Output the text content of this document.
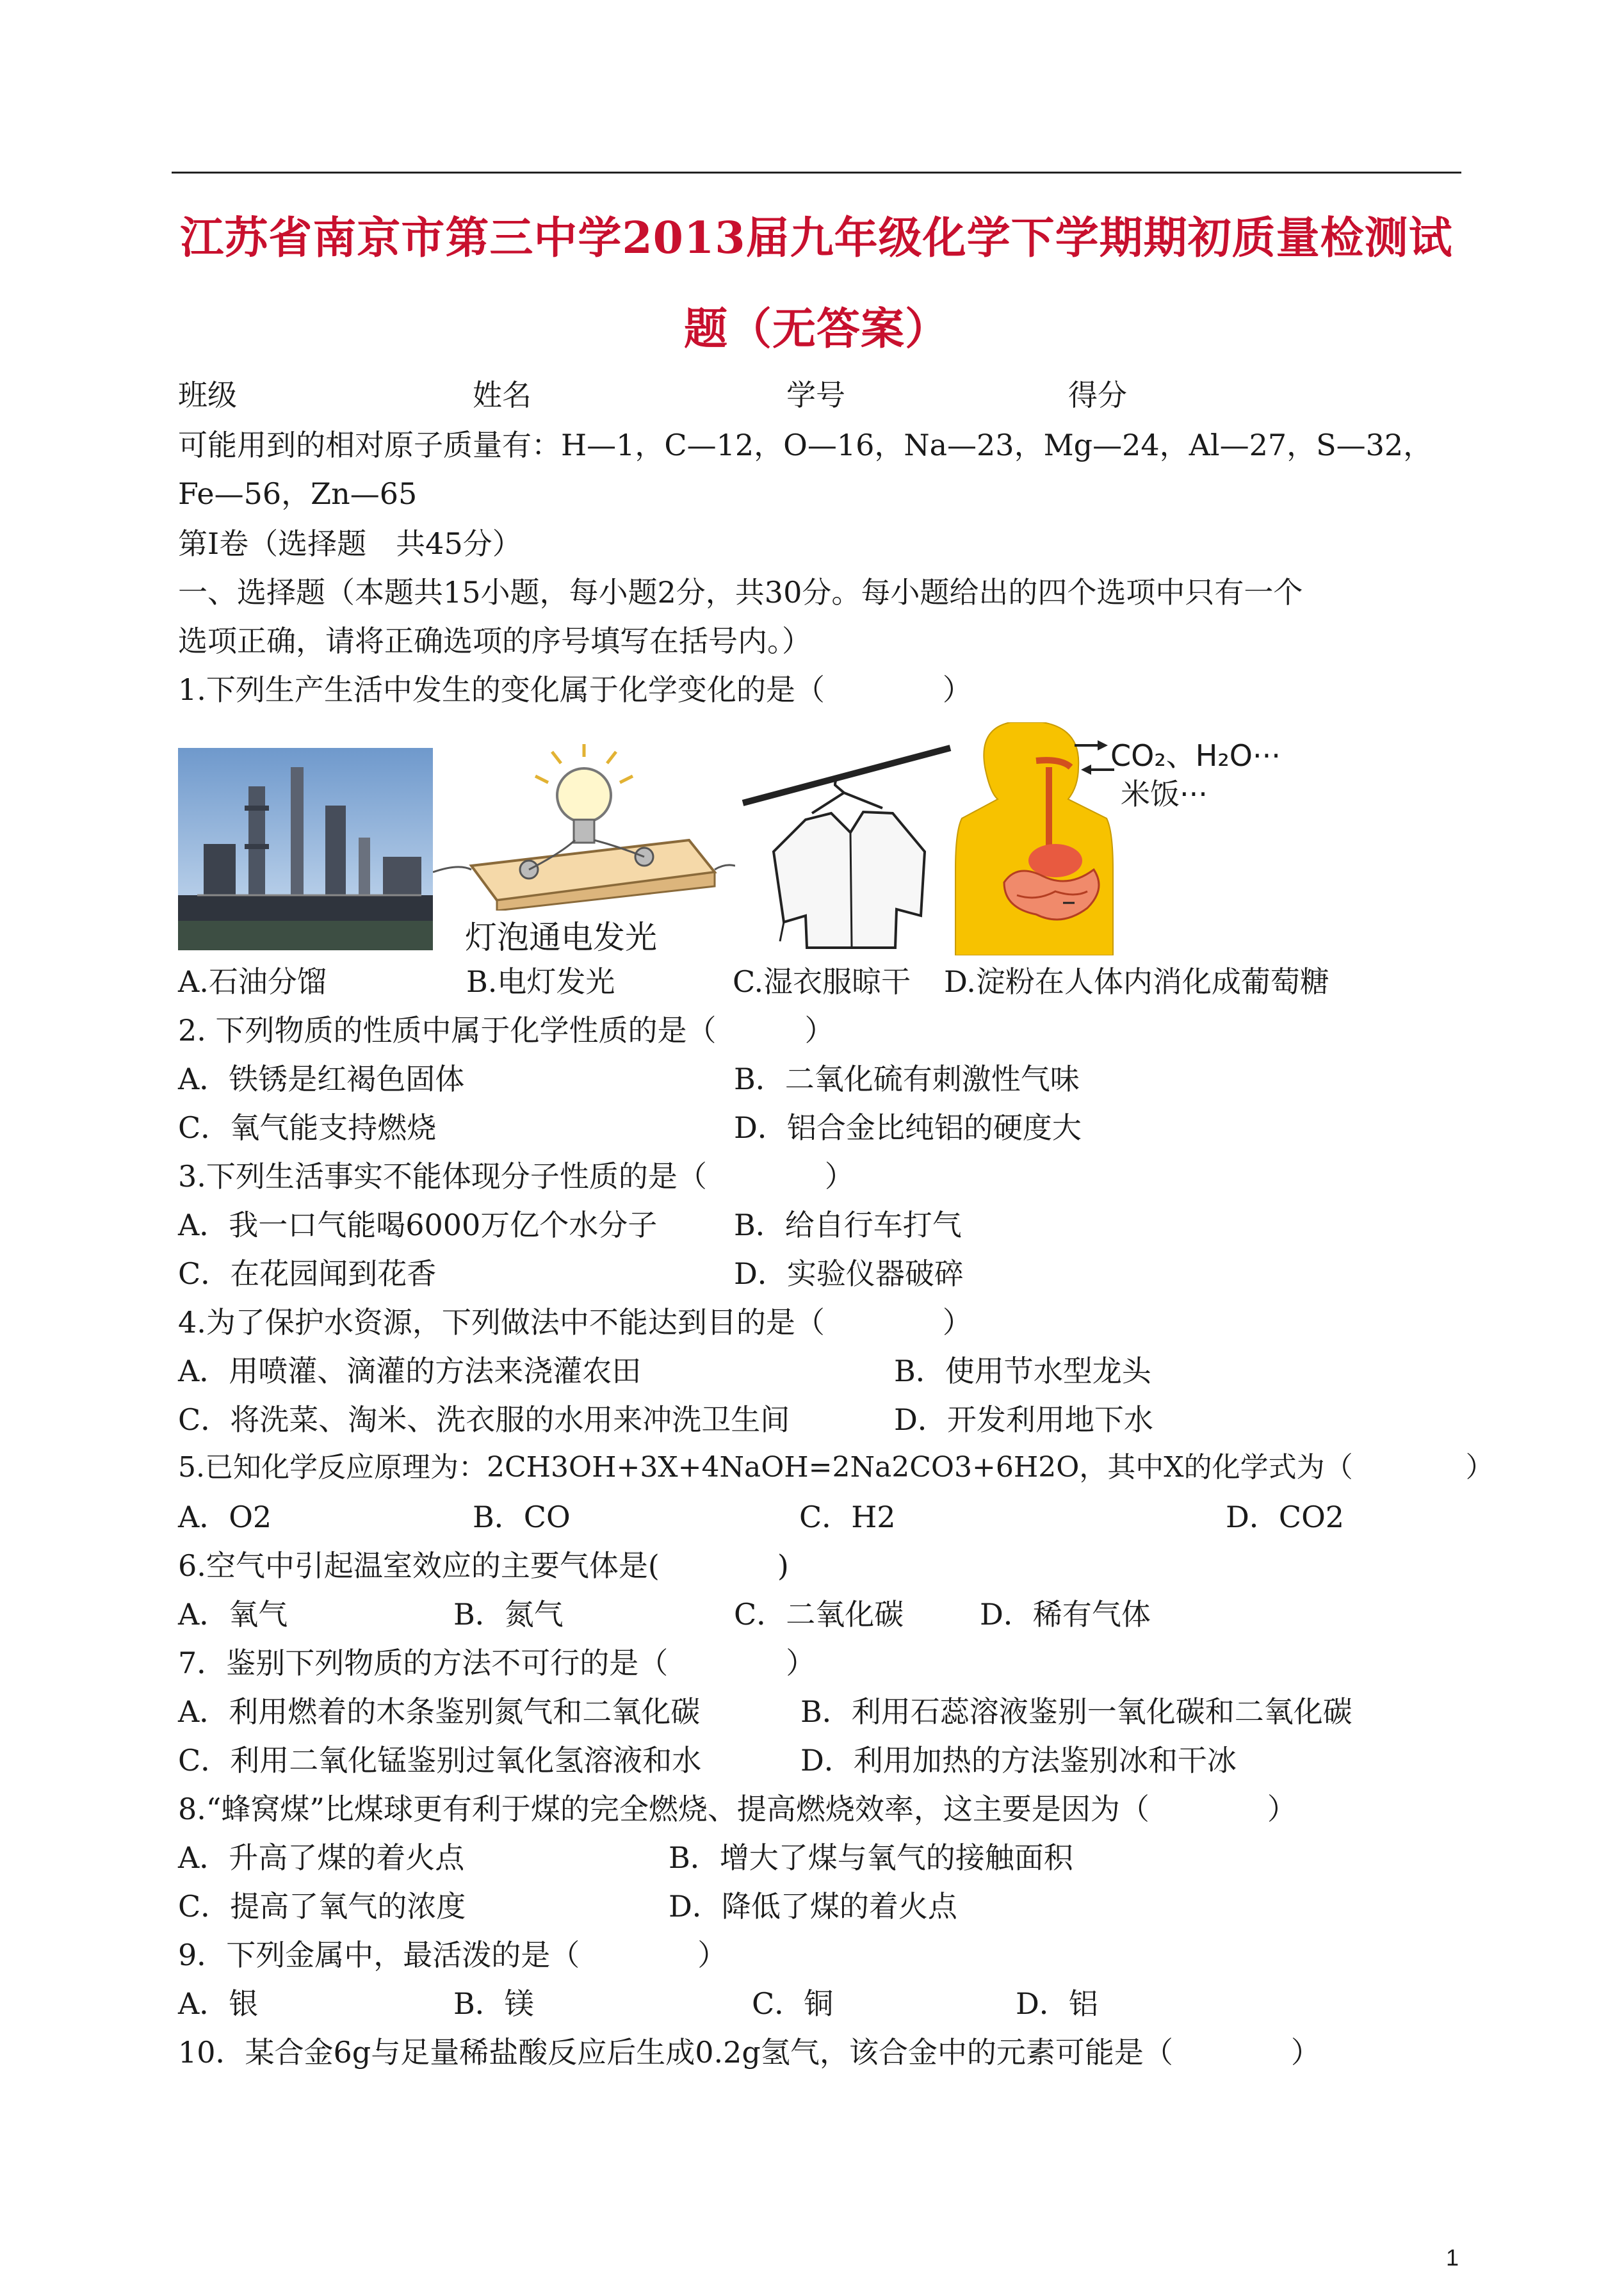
江苏省南京市第三中学2013届九年级化学下学期期初质量检测试
题（无答案）
班级	姓名	学号	得分
可能用到的相对原子质量有：H—1，C—12，O—16，Na—23，Mg—24，Al—27，S—32，
Fe—56，Zn—65
第Ⅰ卷（选择题　共45分）
一、选择题（本题共15小题，每小题2分，共30分。每小题给出的四个选项中只有一个
选项正确，请将正确选项的序号填写在括号内。）
1.下列生产生活中发生的变化属于化学变化的是（　　　　）
灯泡通电发光
CO₂、H₂O···
米饭···
A.石油分馏	B.电灯发光	C.湿衣服晾干 D.淀粉在人体内消化成葡萄糖
2. 下列物质的性质中属于化学性质的是（　　　）
A．铁锈是红褐色固体	B．二氧化硫有刺激性气味
C．氧气能支持燃烧	D．铝合金比纯铝的硬度大
3.下列生活事实不能体现分子性质的是（　　　　）
A．我一口气能喝6000万亿个水分子	B．给自行车打气
C．在花园闻到花香	D．实验仪器破碎
4.为了保护水资源，下列做法中不能达到目的是（　　　　）
A．用喷灌、滴灌的方法来浇灌农田	B．使用节水型龙头
C．将洗菜、淘米、洗衣服的水用来冲洗卫生间	D．开发利用地下水
5.已知化学反应原理为：2CH3OH+3X+4NaOH=2Na2CO3+6H2O，其中X的化学式为（　　　　）
A．O2	B．CO	C．H2	D．CO2
6.空气中引起温室效应的主要气体是(　　　　)
A．氧气	B．氮气	C．二氧化碳	D．稀有气体
7．鉴别下列物质的方法不可行的是（　　　　）
A．利用燃着的木条鉴别氮气和二氧化碳	B．利用石蕊溶液鉴别一氧化碳和二氧化碳
C．利用二氧化锰鉴别过氧化氢溶液和水	D．利用加热的方法鉴别冰和干冰
8.“蜂窝煤”比煤球更有利于煤的完全燃烧、提高燃烧效率，这主要是因为（　　　　）
A．升高了煤的着火点	B．增大了煤与氧气的接触面积
C．提高了氧气的浓度	D．降低了煤的着火点
9．下列金属中，最活泼的是（　　　　）
A．银	B．镁	C．铜	D．铝
10．某合金6g与足量稀盐酸反应后生成0.2g氢气，该合金中的元素可能是（　　　　）
1
